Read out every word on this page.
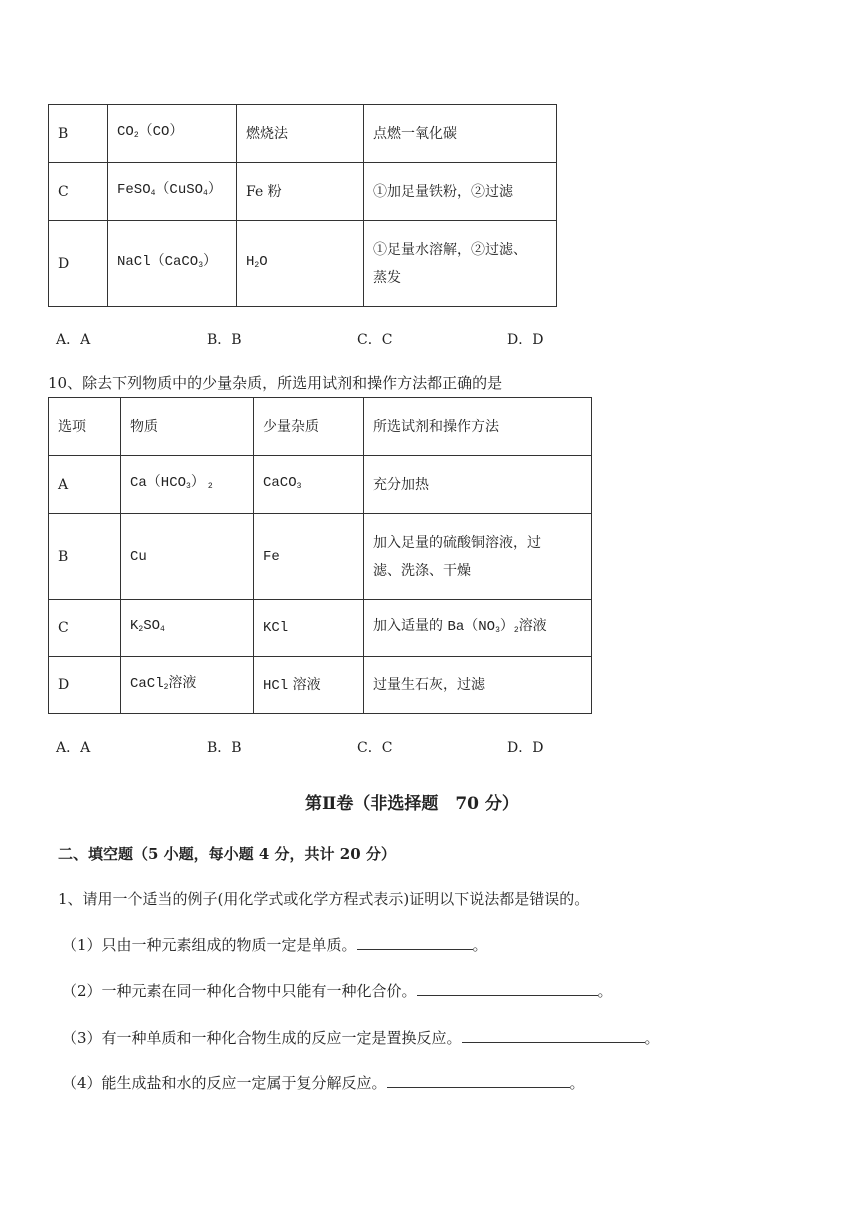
B	$CO_2(CO)$	燃烧法	点燃一氧化碳
C	FeSO$_4$（CuSO$_4$）	Fe 粉	①加足量铁粉，②过滤
D	NaCl（CaCO$_3$）	$H_2O$	①足量水溶解，②过滤、
蒸发
A．A	B．B	C．C	D．D
10、除去下列物质中的少量杂质，所选用试剂和操作方法都正确的是
选项	物质	少量杂质	所选试剂和操作方法
A	$Ca(HCO_3)$ $_2$	CaCO$_3$	充分加热
B	Cu	Fe	加入足量的硫酸铜溶液，过
滤、洗涤、干燥

C	$K_2SO_4$	KCl	加入适量的 $Ba(NO_3)_2$溶液
D	CaCl$_2$溶液	HCl 溶液	过量生石灰，过滤
A．A	B．B	C．C	D．D
第Ⅱ卷（非选择题　70 分）
二、填空题（5 小题，每小题 4 分，共计 20 分）
1、请用一个适当的例子(用化学式或化学方程式表示)证明以下说法都是错误的。
（1）只由一种元素组成的物质一定是单质。	。
（2）一种元素在同一种化合物中只能有一种化合价。	。
（3）有一种单质和一种化合物生成的反应一定是置换反应。	。
（4）能生成盐和水的反应一定属于复分解反应。	。
